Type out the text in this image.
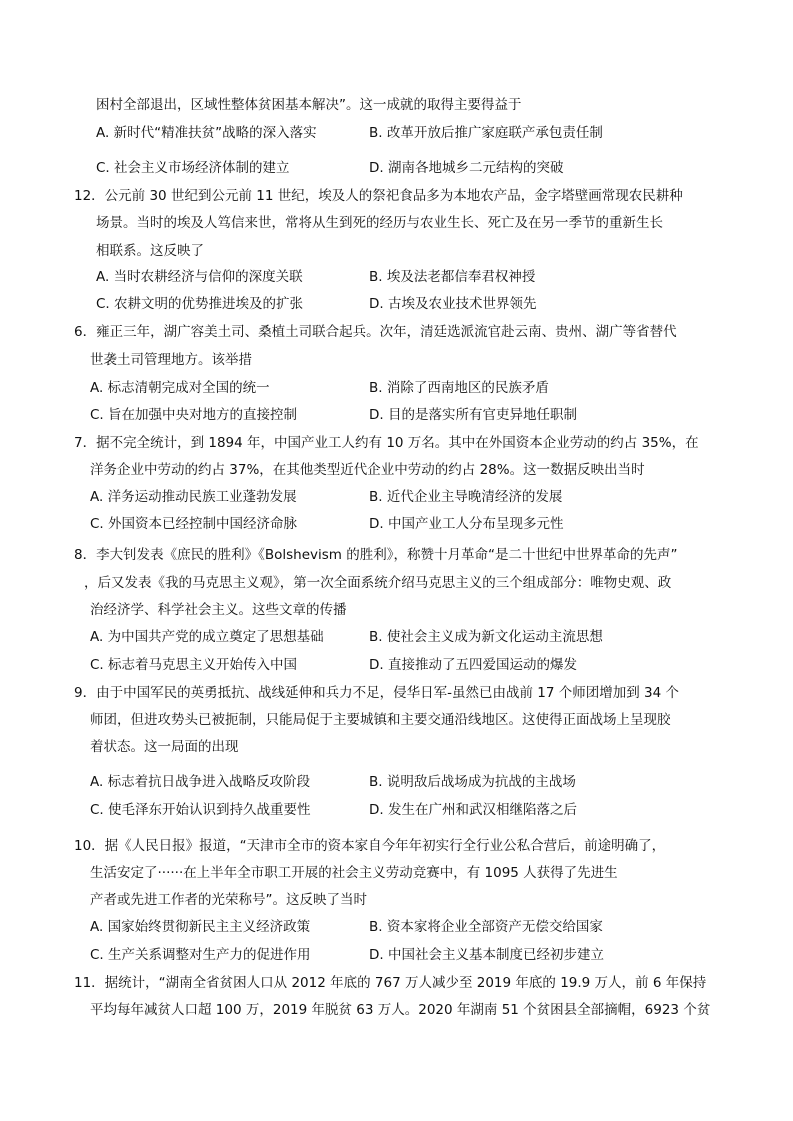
困村全部退出，区域性整体贫困基本解决”。这一成就的取得主要得益于
A. 新时代“精准扶贫”战略的深入落实	B. 改革开放后推广家庭联产承包责任制
C. 社会主义市场经济体制的建立	D. 湖南各地城乡二元结构的突破
12．公元前 30 世纪到公元前 11 世纪，埃及人的祭祀食品多为本地农产品，金字塔壁画常现农民耕种
场景。当时的埃及人笃信来世，常将从生到死的经历与农业生长、死亡及在另一季节的重新生长
相联系。这反映了
A. 当时农耕经济与信仰的深度关联	B. 埃及法老都信奉君权神授
C. 农耕文明的优势推进埃及的扩张	D. 古埃及农业技术世界领先
6．雍正三年，湖广容美土司、桑植土司联合起兵。次年，清廷选派流官赴云南、贵州、湖广等省替代
世袭土司管理地方。该举措
A. 标志清朝完成对全国的统一	B. 消除了西南地区的民族矛盾
C. 旨在加强中央对地方的直接控制	D. 目的是落实所有官吏异地任职制
7．据不完全统计，到 1894 年，中国产业工人约有 10 万名。其中在外国资本企业劳动的约占 35%，在
洋务企业中劳动的约占 37%，在其他类型近代企业中劳动的约占 28%。这一数据反映出当时
A. 洋务运动推动民族工业蓬勃发展	B. 近代企业主导晚清经济的发展
C. 外国资本已经控制中国经济命脉	D. 中国产业工人分布呈现多元性
8．李大钊发表《庶民的胜利》《Bolshevism 的胜利》，称赞十月革命“是二十世纪中世界革命的先声”
，后又发表《我的马克思主义观》，第一次全面系统介绍马克思主义的三个组成部分：唯物史观、政
治经济学、科学社会主义。这些文章的传播
A. 为中国共产党的成立奠定了思想基础	B. 使社会主义成为新文化运动主流思想
C. 标志着马克思主义开始传入中国	D. 直接推动了五四爱国运动的爆发
9．由于中国军民的英勇抵抗、战线延伸和兵力不足，侵华日军-虽然已由战前 17 个师团增加到 34 个
师团，但进攻势头已被扼制，只能局促于主要城镇和主要交通沿线地区。这使得正面战场上呈现胶
着状态。这一局面的出现
A. 标志着抗日战争进入战略反攻阶段	B. 说明敌后战场成为抗战的主战场
C. 使毛泽东开始认识到持久战重要性	D. 发生在广州和武汉相继陷落之后
10．据《人民日报》报道，“天津市全市的资本家自今年年初实行全行业公私合营后，前途明确了，
生活安定了······在上半年全市职工开展的社会主义劳动竞赛中，有 1095 人获得了先进生
产者或先进工作者的光荣称号”。这反映了当时
A. 国家始终贯彻新民主主义经济政策	B. 资本家将企业全部资产无偿交给国家
C. 生产关系调整对生产力的促进作用	D. 中国社会主义基本制度已经初步建立
11．据统计，“湖南全省贫困人口从 2012 年底的 767 万人减少至 2019 年底的 19.9 万人，前 6 年保持
平均每年减贫人口超 100 万，2019 年脱贫 63 万人。2020 年湖南 51 个贫困县全部摘帽，6923 个贫
